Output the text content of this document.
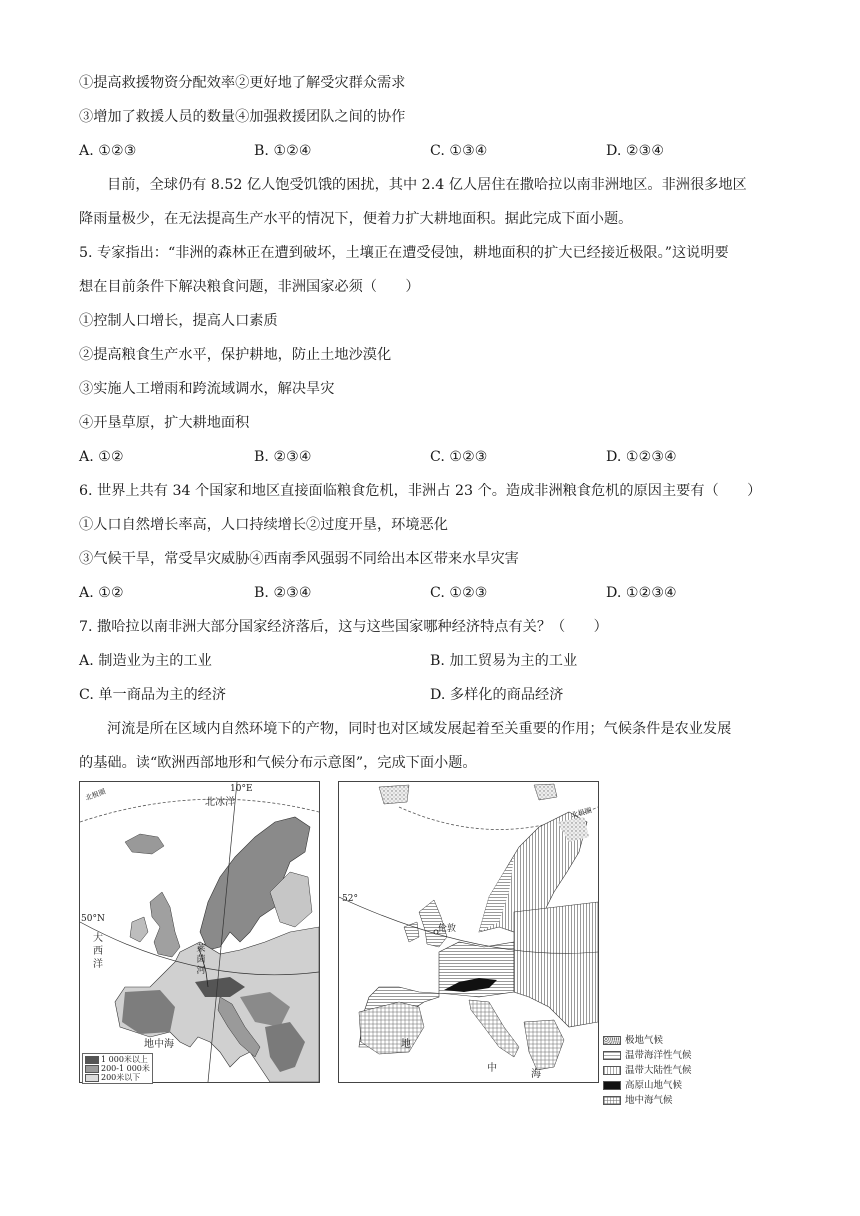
①提高救援物资分配效率②更好地了解受灾群众需求
③增加了救援人员的数量④加强救援团队之间的协作
A. ①②③	B. ①②④	C. ①③④	D. ②③④
目前，全球仍有 8.52 亿人饱受饥饿的困扰，其中 2.4 亿人居住在撒哈拉以南非洲地区。非洲很多地区
降雨量极少，在无法提高生产水平的情况下，便着力扩大耕地面积。据此完成下面小题。
5. 专家指出：“非洲的森林正在遭到破坏，土壤正在遭受侵蚀，耕地面积的扩大已经接近极限。”这说明要
想在目前条件下解决粮食问题，非洲国家必须（　　）
①控制人口增长，提高人口素质
②提高粮食生产水平，保护耕地，防止土地沙漠化
③实施人工增雨和跨流域调水，解决旱灾
④开垦草原，扩大耕地面积
A. ①②	B. ②③④	C. ①②③	D. ①②③④
6. 世界上共有 34 个国家和地区直接面临粮食危机，非洲占 23 个。造成非洲粮食危机的原因主要有（　　）
①人口自然增长率高，人口持续增长②过度开垦，环境恶化
③气候干旱，常受旱灾威胁④西南季风强弱不同给出本区带来水旱灾害
A. ①②	B. ②③④	C. ①②③	D. ①②③④
7. 撒哈拉以南非洲大部分国家经济落后，这与这些国家哪种经济特点有关？（　　）
A. 制造业为主的工业	B. 加工贸易为主的工业
C. 单一商品为主的经济	D. 多样化的商品经济
河流是所在区域内自然环境下的产物，同时也对区域发展起着至关重要的作用；气候条件是农业发展
的基础。读“欧洲西部地形和气候分布示意图”，完成下面小题。
10°E
北冰洋
北极圈
50°N
大西洋
莱茵河
地中海
1 000米以上
200-1 000米
200米以下
北极圈
52°
伦敦
地
中
海
极地气候
温带海洋性气候
温带大陆性气候
高原山地气候
地中海气候
